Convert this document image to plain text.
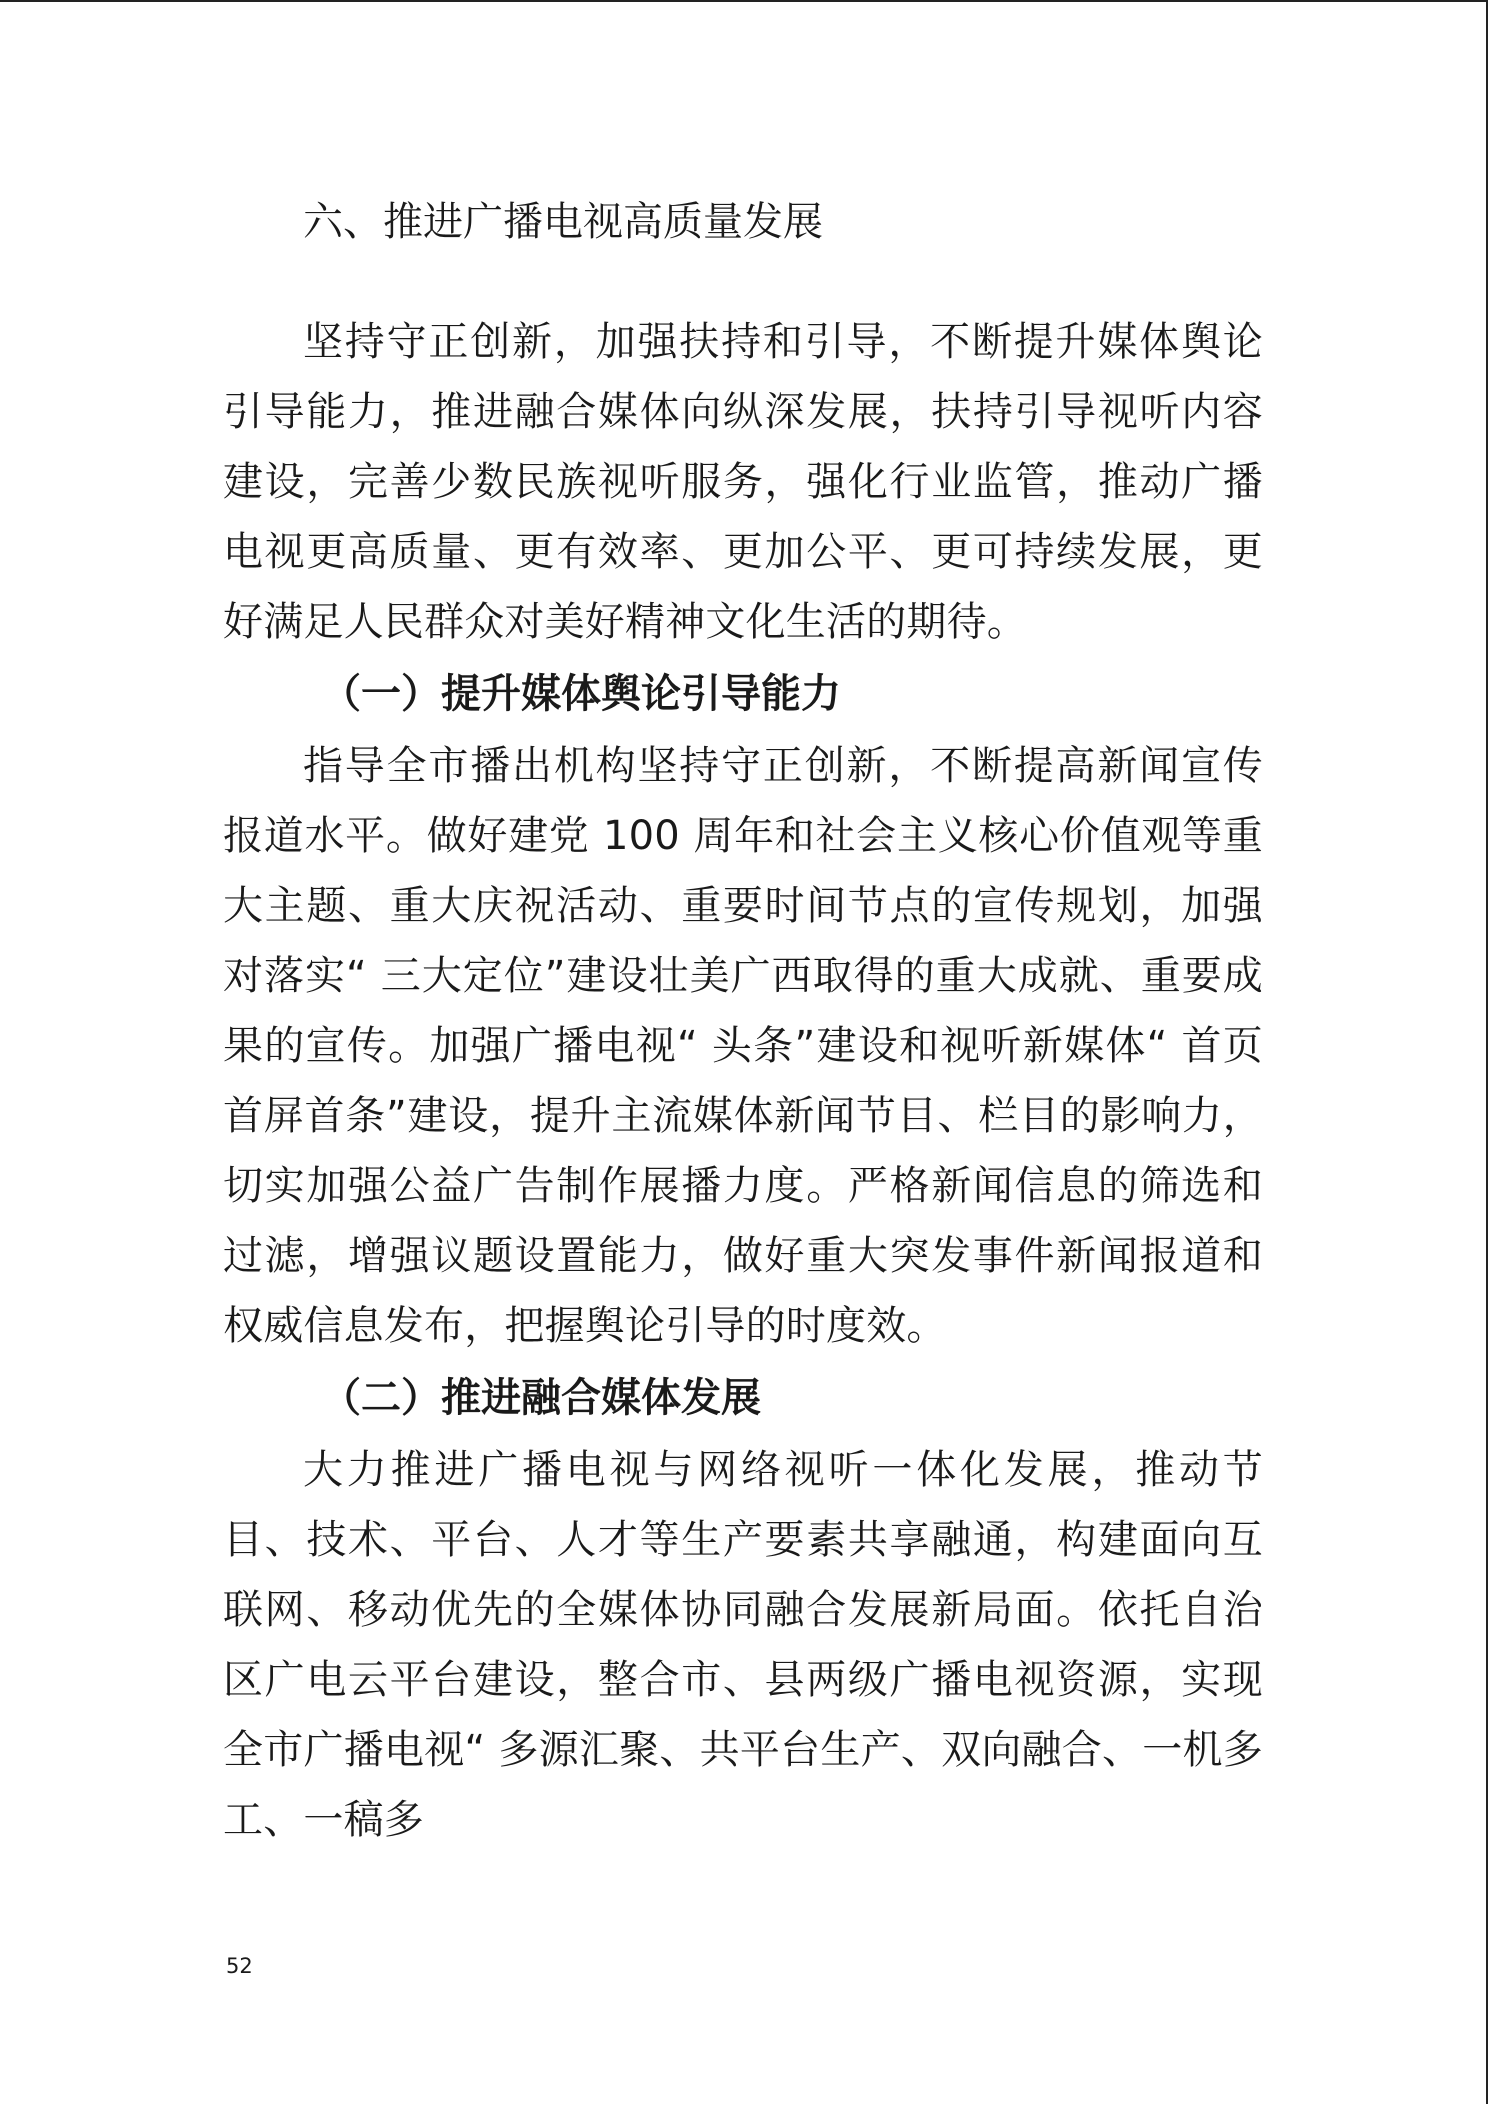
六、推进广播电视高质量发展

坚持守正创新，加强扶持和引导，不断提升媒体舆论引导能力，推进融合媒体向纵深发展，扶持引导视听内容建设，完善少数民族视听服务，强化行业监管，推动广播电视更高质量、更有效率、更加公平、更可持续发展，更好满足人民群众对美好精神文化生活的期待。

（一）提升媒体舆论引导能力

指导全市播出机构坚持守正创新，不断提高新闻宣传报道水平。做好建党 100 周年和社会主义核心价值观等重大主题、重大庆祝活动、重要时间节点的宣传规划，加强对落实“ 三大定位”建设壮美广西取得的重大成就、重要成果的宣传。加强广播电视“ 头条”建设和视听新媒体“ 首页首屏首条”建设，提升主流媒体新闻节目、栏目的影响力，切实加强公益广告制作展播力度。严格新闻信息的筛选和过滤，增强议题设置能力，做好重大突发事件新闻报道和权威信息发布，把握舆论引导的时度效。

（二）推进融合媒体发展

大力推进广播电视与网络视听一体化发展，推动节目、技术、平台、人才等生产要素共享融通，构建面向互联网、移动优先的全媒体协同融合发展新局面。依托自治区广电云平台建设，整合市、县两级广播电视资源，实现全市广播电视“ 多源汇聚、共平台生产、双向融合、一机多工、一稿多

52
